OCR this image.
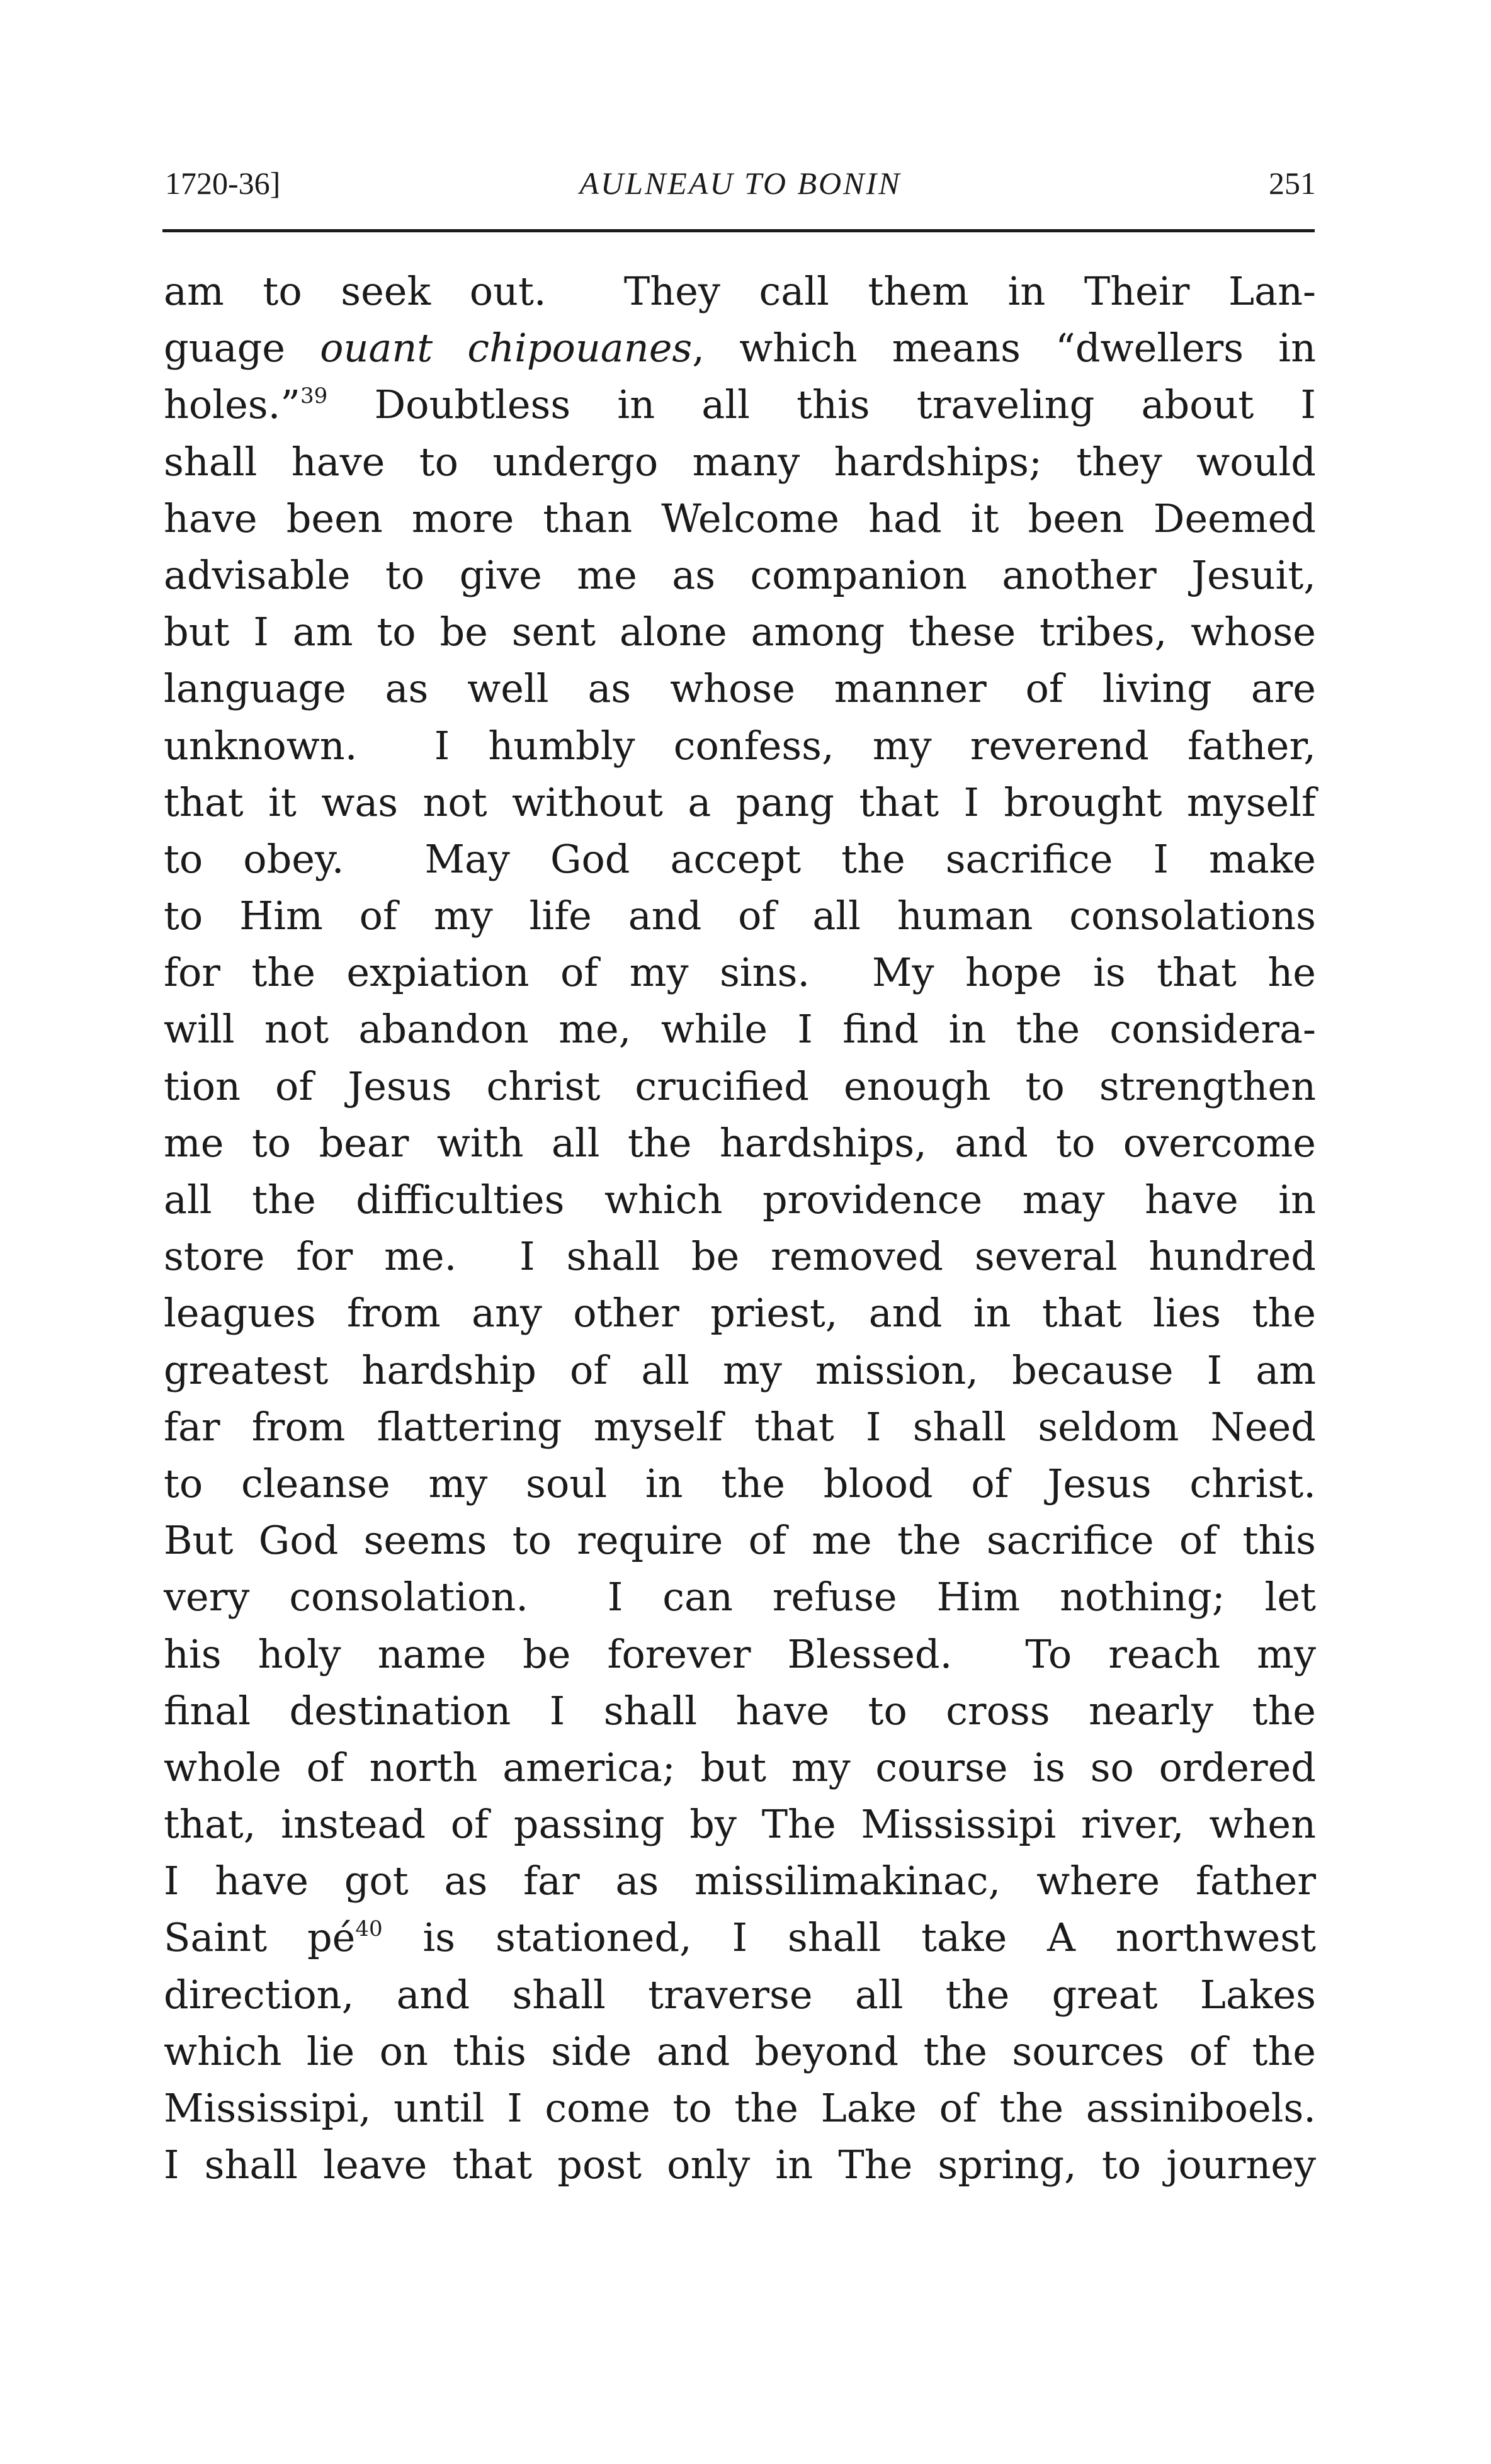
1720-36]	AULNEAU TO BONIN	251
am to seek out.  They call them in Their Lan-
guage ouant chipouanes, which means “dwellers in
holes.”$^{39}$ Doubtless in all this traveling about I
shall have to undergo many hardships; they would
have been more than Welcome had it been Deemed
advisable to give me as companion another Jesuit,
but I am to be sent alone among these tribes, whose
language as well as whose manner of living are
unknown.  I humbly confess, my reverend father,
that it was not without a pang that I brought myself
to obey.  May God accept the sacrifice I make
to Him of my life and of all human consolations
for the expiation of my sins.  My hope is that he
will not abandon me, while I find in the considera-
tion of Jesus christ crucified enough to strengthen
me to bear with all the hardships, and to overcome
all the difficulties which providence may have in
store for me.  I shall be removed several hundred
leagues from any other priest, and in that lies the
greatest hardship of all my mission, because I am
far from flattering myself that I shall seldom Need
to cleanse my soul in the blood of Jesus christ.
But God seems to require of me the sacrifice of this
very consolation.  I can refuse Him nothing; let
his holy name be forever Blessed.  To reach my
final destination I shall have to cross nearly the
whole of north america; but my course is so ordered
that, instead of passing by The Mississipi river, when
I have got as far as missilimakinac, where father
Saint $pé^{40}$ is stationed, I shall take A northwest
direction, and shall traverse all the great Lakes
which lie on this side and beyond the sources of the
Mississipi, until I come to the Lake of the assiniboels.
I shall leave that post only in The spring, to journey
